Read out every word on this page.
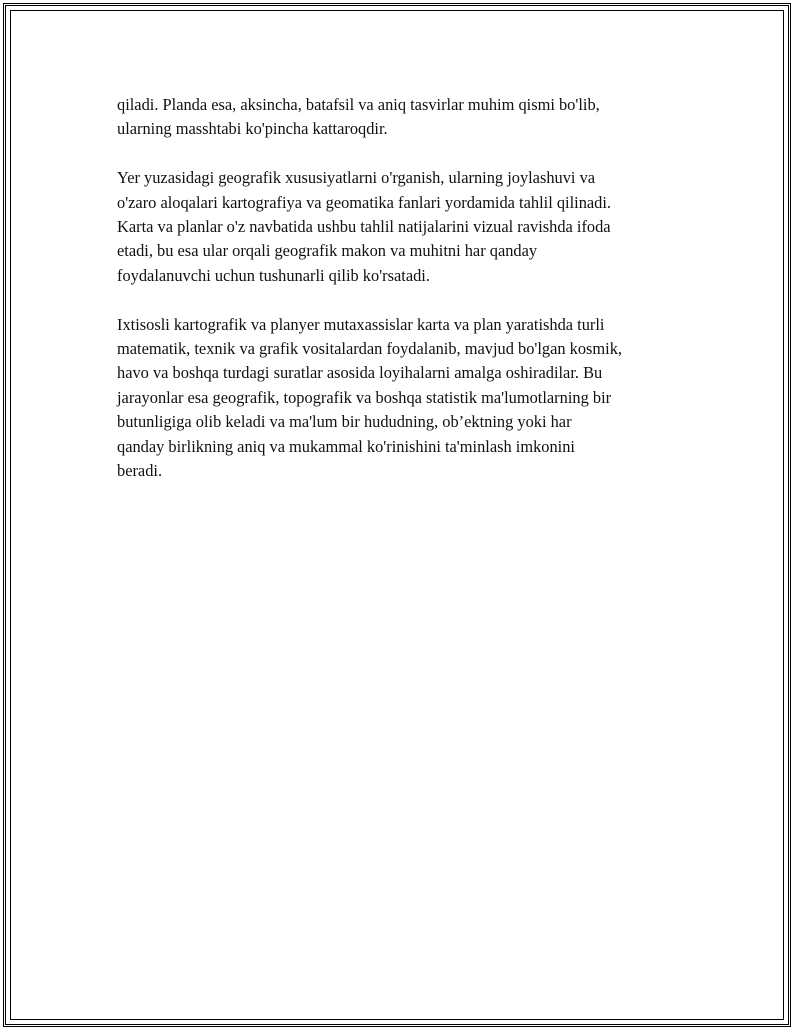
qiladi. Planda esa, aksincha, batafsil va aniq tasvirlar muhim qismi bo'lib,
ularning masshtabi ko'pincha kattaroqdir.

Yer yuzasidagi geografik xususiyatlarni o'rganish, ularning joylashuvi va
o'zaro aloqalari kartografiya va geomatika fanlari yordamida tahlil qilinadi.
Karta va planlar o'z navbatida ushbu tahlil natijalarini vizual ravishda ifoda
etadi, bu esa ular orqali geografik makon va muhitni har qanday
foydalanuvchi uchun tushunarli qilib ko'rsatadi.

Ixtisosli kartografik va planyer mutaxassislar karta va plan yaratishda turli
matematik, texnik va grafik vositalardan foydalanib, mavjud bo'lgan kosmik,
havo va boshqa turdagi suratlar asosida loyihalarni amalga oshiradilar. Bu
jarayonlar esa geografik, topografik va boshqa statistik ma'lumotlarning bir
butunligiga olib keladi va ma'lum bir hududning, ob’ektning yoki har
qanday birlikning aniq va mukammal ko'rinishini ta'minlash imkonini
beradi.
